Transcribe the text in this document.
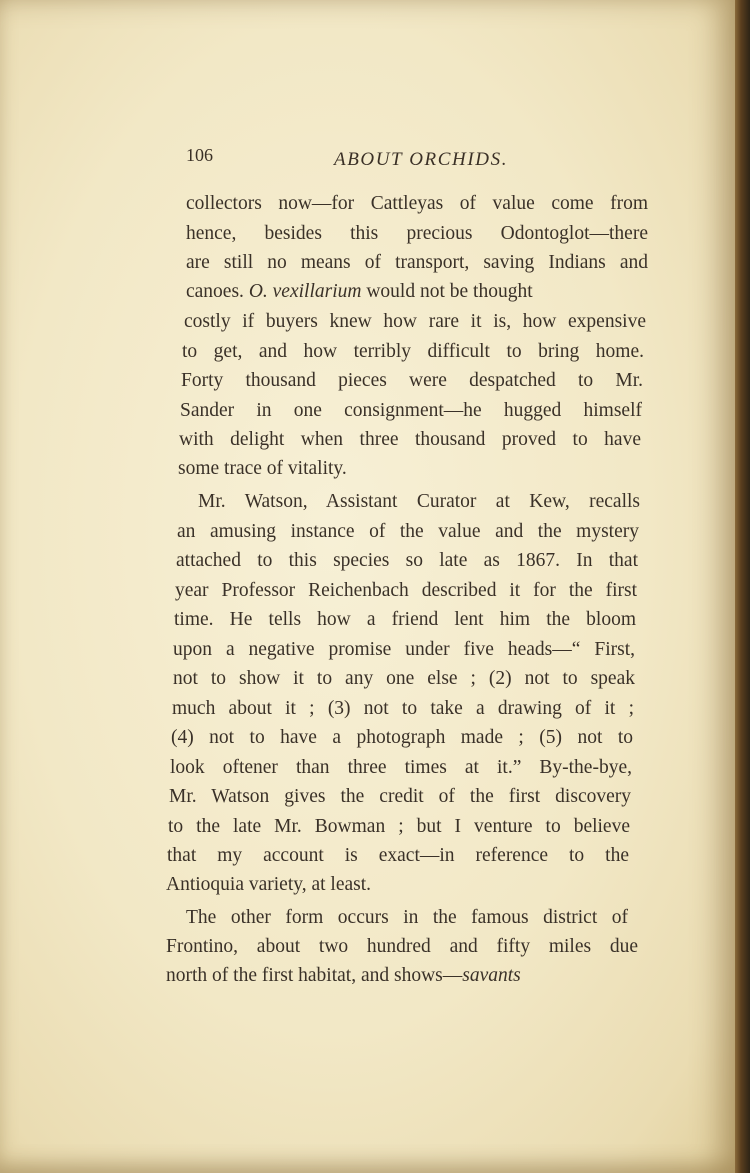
106	ABOUT ORCHIDS.
collectors now—for Cattleyas of value come from
hence, besides this precious Odontoglot—there
are still no means of transport, saving Indians and
canoes. O. vexillarium would not be thought
costly if buyers knew how rare it is, how expensive
to get, and how terribly difficult to bring home.
Forty thousand pieces were despatched to Mr.
Sander in one consignment—he hugged himself
with delight when three thousand proved to have
some trace of vitality.
Mr. Watson, Assistant Curator at Kew, recalls
an amusing instance of the value and the mystery
attached to this species so late as 1867. In that
year Professor Reichenbach described it for the first
time. He tells how a friend lent him the bloom
upon a negative promise under five heads—“ First,
not to show it to any one else ; (2) not to speak
much about it ; (3) not to take a drawing of it ;
(4) not to have a photograph made ; (5) not to
look oftener than three times at it.” By-the-bye,
Mr. Watson gives the credit of the first discovery
to the late Mr. Bowman ; but I venture to believe
that my account is exact—in reference to the
Antioquia variety, at least.
The other form occurs in the famous district of
Frontino, about two hundred and fifty miles due
north of the first habitat, and shows—savants
